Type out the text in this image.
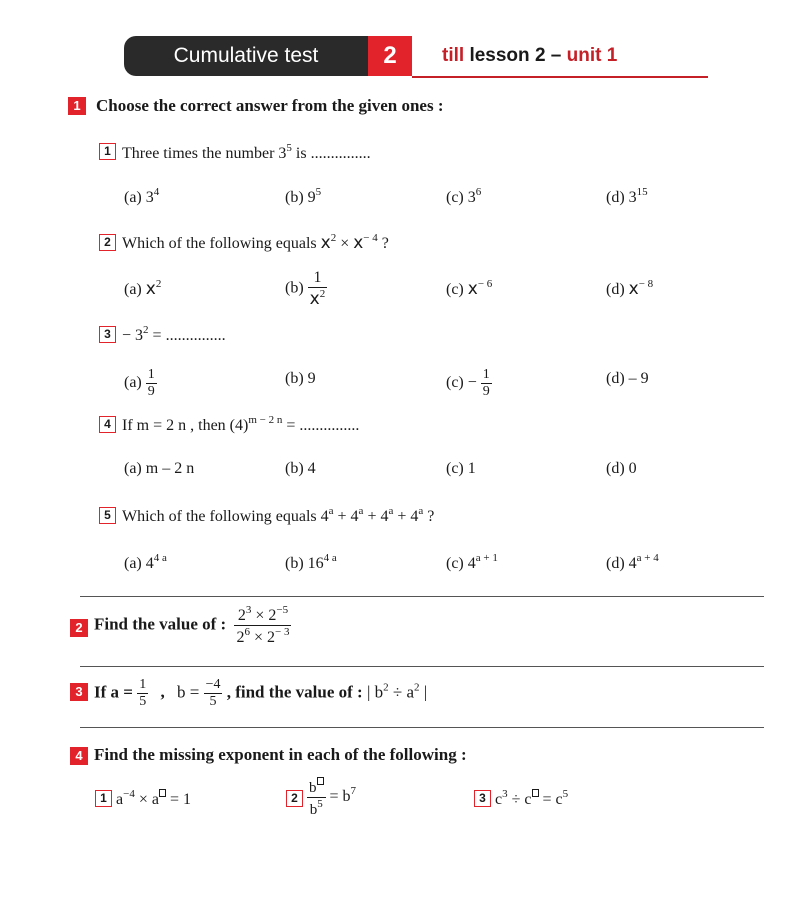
Cumulative test	2	till lesson 2 – unit 1
1 Choose the correct answer from the given ones :
1 Three times the number $3^5$ is ...............
(a) $3^4$	(b) $9^5$	(c) $3^6$	(d) $3^{15}$
2 Which of the following equals $x^2 \times x^{- 4}$ ?
(a) $x^2$	$(b) \frac{1}{x^2}$	(c) $x^{- 6}$	(d) $x^{- 8}$
$3 - 3^2$ = ...............
$(a) \frac{1}{9}$	(b) 9	$(c) - \frac{1}{9}$	(d) – 9
4 If m = 2 n , then $(4)^{m - 2 n}$ = ...............
(a) m – 2 n	(b) 4	(c) 1	(d) 0
5 Which of the following equals $4^a + 4^a + 4^a + 4^a$ ?
(a) $4^{4 a}$	(b) $16^{4 a}$	(c) $4^{a + 1}$	(d) $4^{a + 4}$
2 Find the value of : $\frac{2^3 \times 2^{-5}}{2^6 \times 2^{- 3}}$
3 If $a = \frac{1}{5}$ , $b = \frac{-4}{5}$ , find the value of : | $b^2 \div a^2$ |
4 Find the missing exponent in each of the following :
1 $a^{-4} \times a = 1$	$2 \frac{b}{b^5} = b^7$	3 $c^3 \div c = c^5$
